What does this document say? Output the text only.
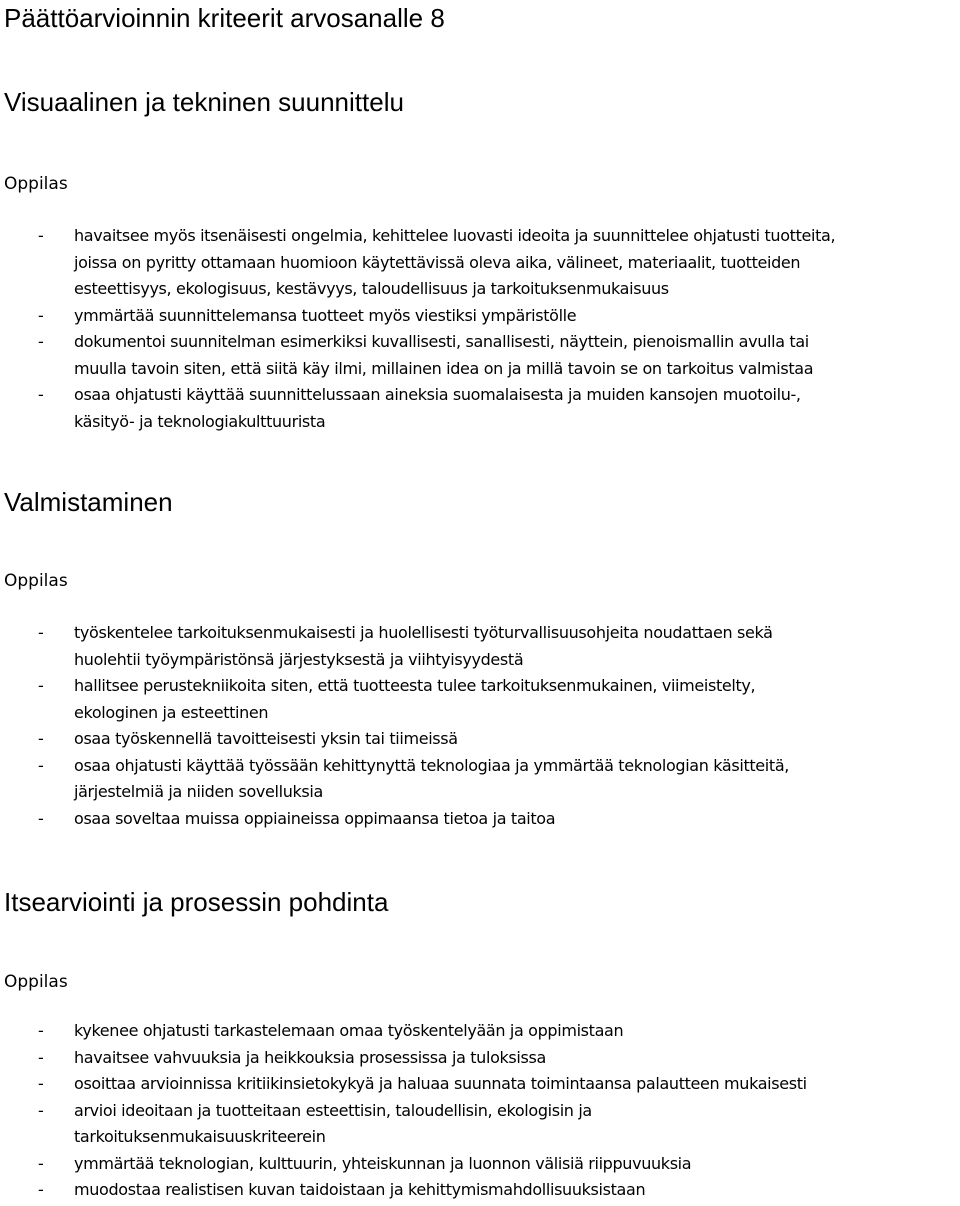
Päättöarvioinnin kriteerit arvosanalle 8
Visuaalinen ja tekninen suunnittelu
Oppilas
- havaitsee myös itsenäisesti ongelmia, kehittelee luovasti ideoita ja suunnittelee ohjatusti tuotteita,
joissa on pyritty ottamaan huomioon käytettävissä oleva aika, välineet, materiaalit, tuotteiden
esteettisyys, ekologisuus, kestävyys, taloudellisuus ja tarkoituksenmukaisuus
- ymmärtää suunnittelemansa tuotteet myös viestiksi ympäristölle
- dokumentoi suunnitelman esimerkiksi kuvallisesti, sanallisesti, näyttein, pienoismallin avulla tai
muulla tavoin siten, että siitä käy ilmi, millainen idea on ja millä tavoin se on tarkoitus valmistaa
- osaa ohjatusti käyttää suunnittelussaan aineksia suomalaisesta ja muiden kansojen muotoilu-,
käsityö- ja teknologiakulttuurista
Valmistaminen
Oppilas
- työskentelee tarkoituksenmukaisesti ja huolellisesti työturvallisuusohjeita noudattaen sekä
huolehtii työympäristönsä järjestyksestä ja viihtyisyydestä
- hallitsee perustekniikoita siten, että tuotteesta tulee tarkoituksenmukainen, viimeistelty,
ekologinen ja esteettinen
- osaa työskennellä tavoitteisesti yksin tai tiimeissä
- osaa ohjatusti käyttää työssään kehittynyttä teknologiaa ja ymmärtää teknologian käsitteitä,
järjestelmiä ja niiden sovelluksia
- osaa soveltaa muissa oppiaineissa oppimaansa tietoa ja taitoa
Itsearviointi ja prosessin pohdinta
Oppilas
- kykenee ohjatusti tarkastelemaan omaa työskentelyään ja oppimistaan
- havaitsee vahvuuksia ja heikkouksia prosessissa ja tuloksissa
- osoittaa arvioinnissa kritiikinsietokykyä ja haluaa suunnata toimintaansa palautteen mukaisesti
- arvioi ideoitaan ja tuotteitaan esteettisin, taloudellisin, ekologisin ja
tarkoituksenmukaisuuskriteerein
- ymmärtää teknologian, kulttuurin, yhteiskunnan ja luonnon välisiä riippuvuuksia
- muodostaa realistisen kuvan taidoistaan ja kehittymismahdollisuuksistaan
